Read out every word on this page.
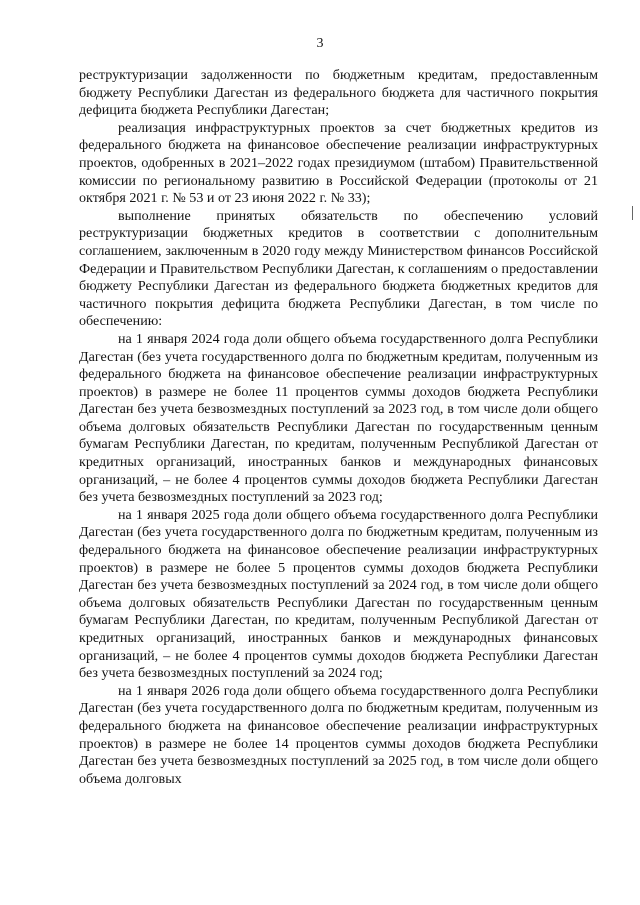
3

реструктуризации задолженности по бюджетным кредитам, предоставленным бюджету Республики Дагестан из федерального бюджета для частичного покрытия дефицита бюджета Республики Дагестан;

реализация инфраструктурных проектов за счет бюджетных кредитов из федерального бюджета на финансовое обеспечение реализации инфраструктурных проектов, одобренных в 2021–2022 годах президиумом (штабом) Правительственной комиссии по региональному развитию в Российской Федерации (протоколы от 21 октября 2021 г. № 53 и от 23 июня 2022 г. № 33);

выполнение принятых обязательств по обеспечению условий реструктуризации бюджетных кредитов в соответствии с дополнительным соглашением, заключенным в 2020 году между Министерством финансов Российской Федерации и Правительством Республики Дагестан, к соглашениям о предоставлении бюджету Республики Дагестан из федерального бюджета бюджетных кредитов для частичного покрытия дефицита бюджета Республики Дагестан, в том числе по обеспечению:

на 1 января 2024 года доли общего объема государственного долга Республики Дагестан (без учета государственного долга по бюджетным кредитам, полученным из федерального бюджета на финансовое обеспечение реализации инфраструктурных проектов) в размере не более 11 процентов суммы доходов бюджета Республики Дагестан без учета безвозмездных поступлений за 2023 год, в том числе доли общего объема долговых обязательств Республики Дагестан по государственным ценным бумагам Республики Дагестан, по кредитам, полученным Республикой Дагестан от кредитных организаций, иностранных банков и международных финансовых организаций, – не более 4 процентов суммы доходов бюджета Республики Дагестан без учета безвозмездных поступлений за 2023 год;

на 1 января 2025 года доли общего объема государственного долга Республики Дагестан (без учета государственного долга по бюджетным кредитам, полученным из федерального бюджета на финансовое обеспечение реализации инфраструктурных проектов) в размере не более 5 процентов суммы доходов бюджета Республики Дагестан без учета безвозмездных поступлений за 2024 год, в том числе доли общего объема долговых обязательств Республики Дагестан по государственным ценным бумагам Республики Дагестан, по кредитам, полученным Республикой Дагестан от кредитных организаций, иностранных банков и международных финансовых организаций, – не более 4 процентов суммы доходов бюджета Республики Дагестан без учета безвозмездных поступлений за 2024 год;

на 1 января 2026 года доли общего объема государственного долга Республики Дагестан (без учета государственного долга по бюджетным кредитам, полученным из федерального бюджета на финансовое обеспечение реализации инфраструктурных проектов) в размере не более 14 процентов суммы доходов бюджета Республики Дагестан без учета безвозмездных поступлений за 2025 год, в том числе доли общего объема долговых
